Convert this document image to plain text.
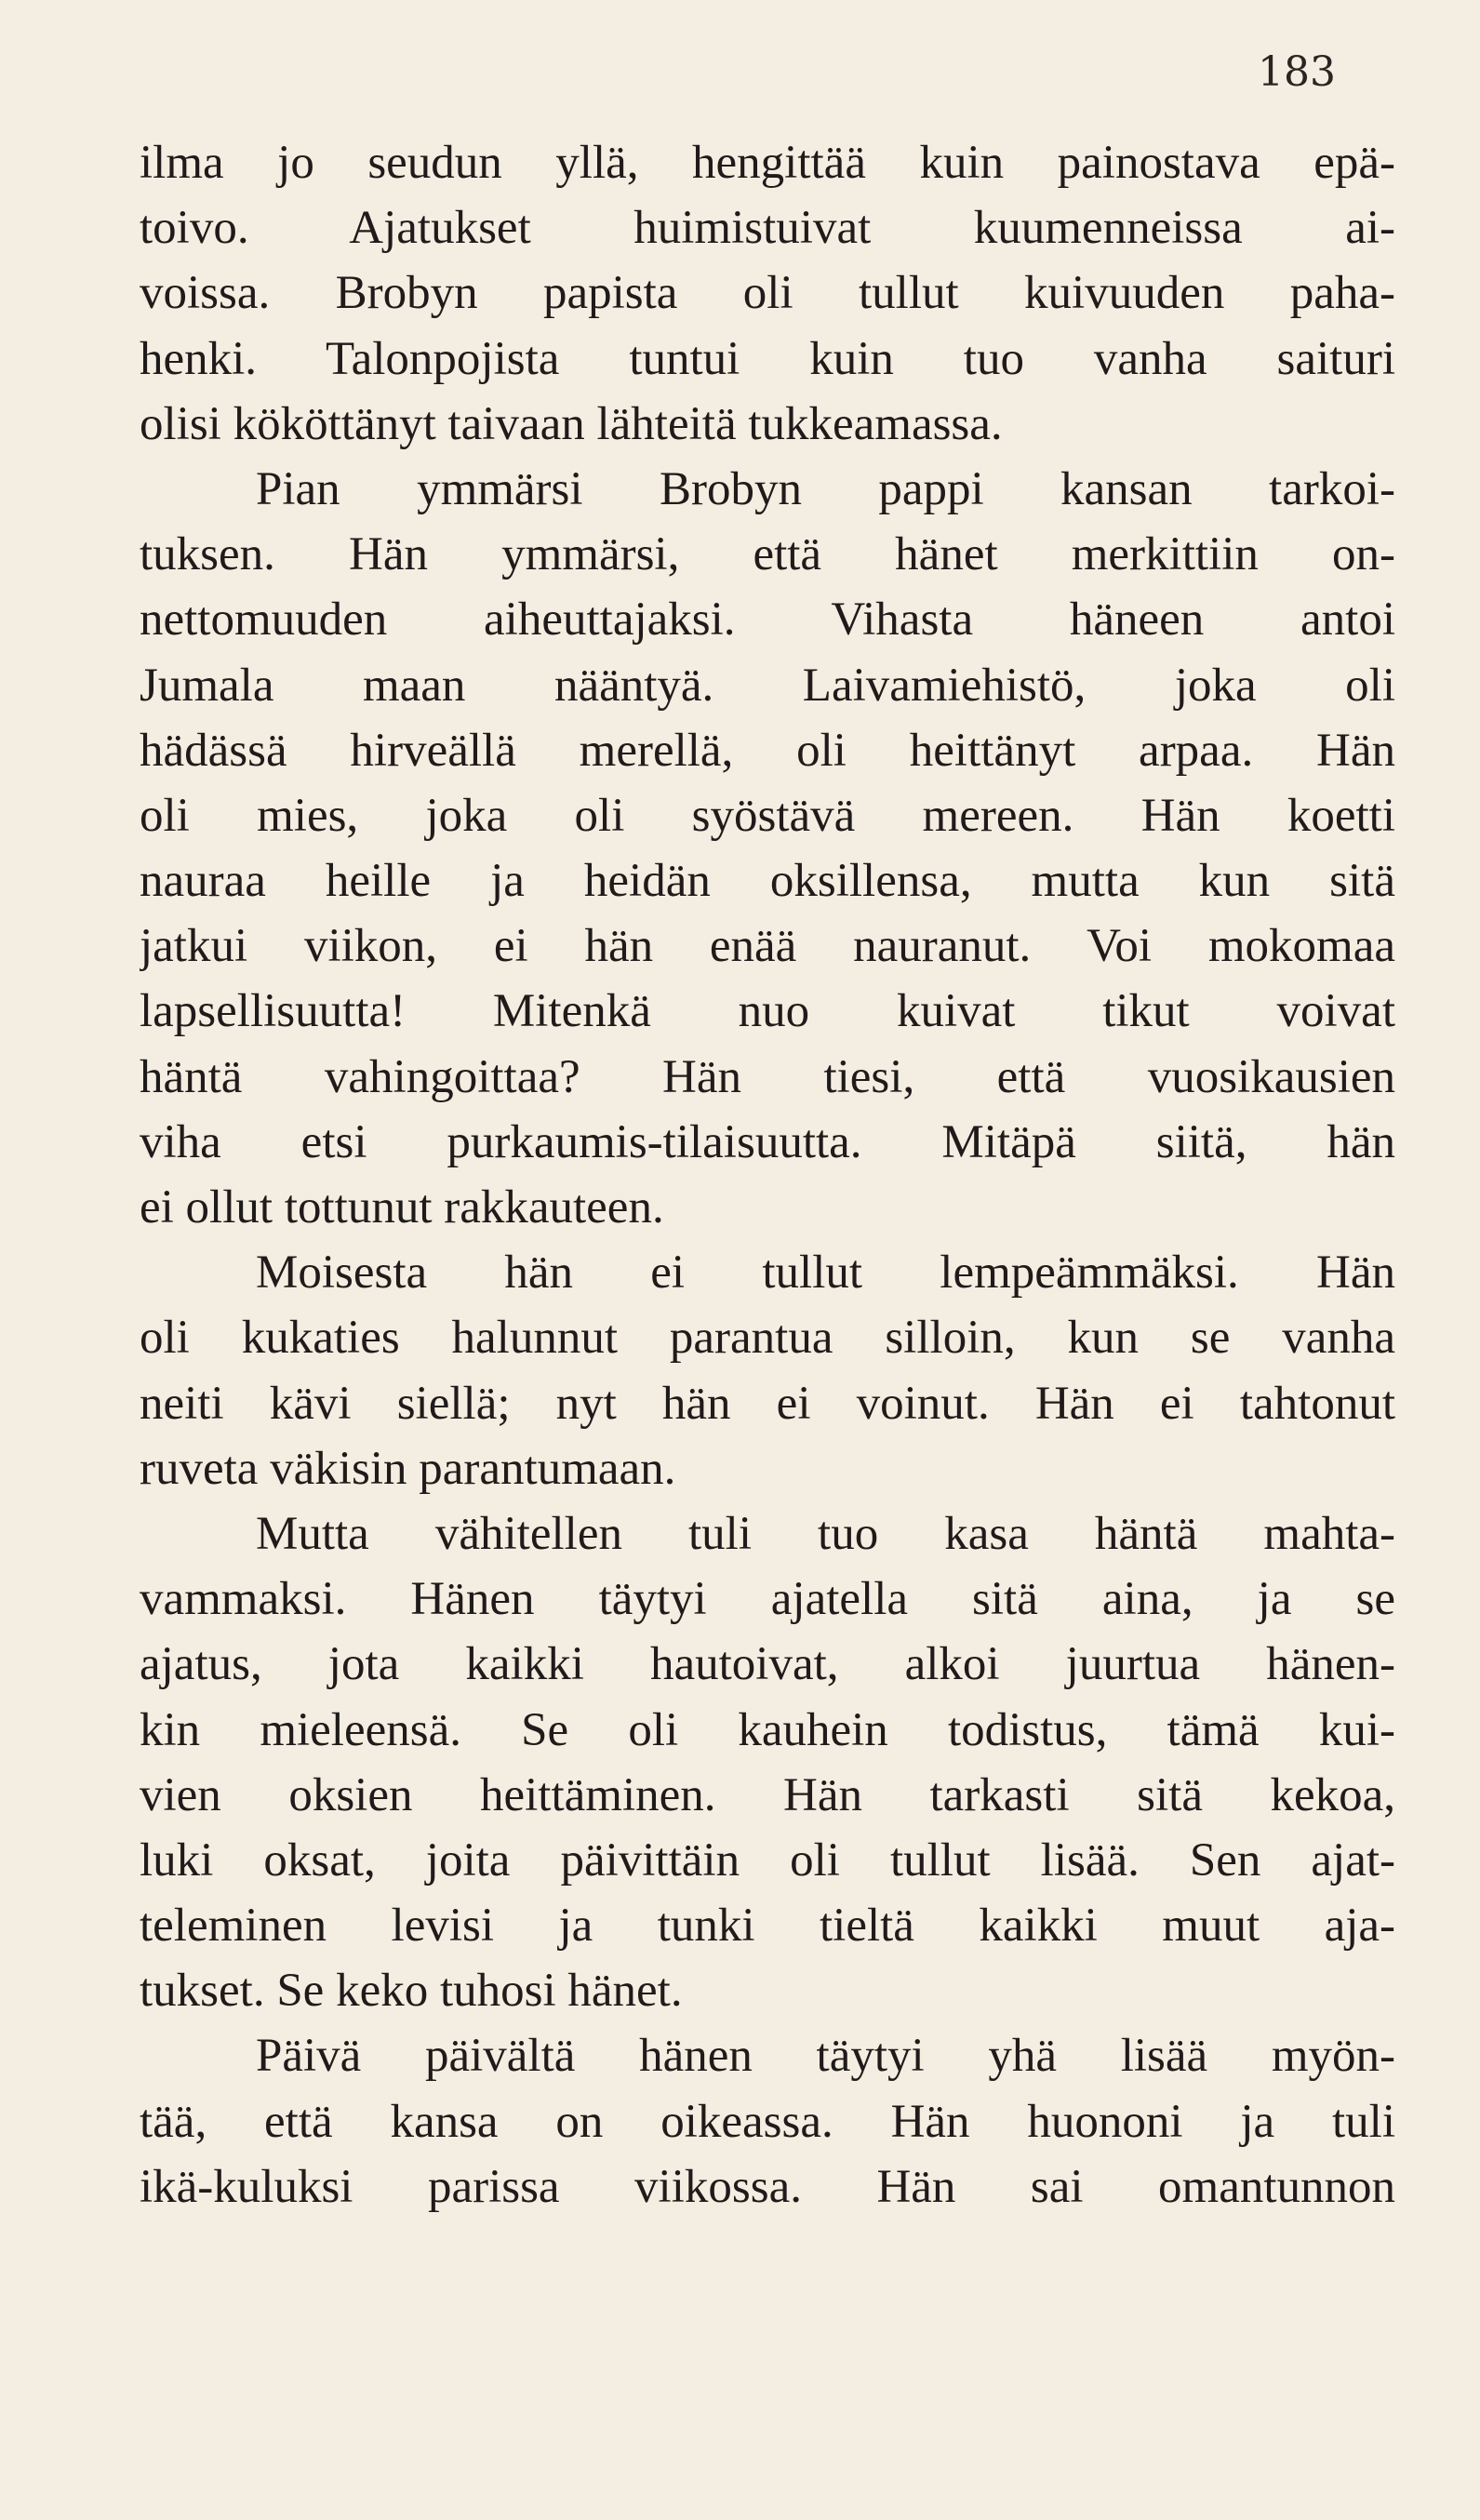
183
ilma jo seudun yllä, hengittää kuin painostava epä-
toivo. Ajatukset huimistuivat kuumenneissa ai-
voissa. Brobyn papista oli tullut kuivuuden paha-
henki. Talonpojista tuntui kuin tuo vanha saituri
olisi kököttänyt taivaan lähteitä tukkeamassa.
Pian ymmärsi Brobyn pappi kansan tarkoi-
tuksen. Hän ymmärsi, että hänet merkittiin on-
nettomuuden aiheuttajaksi. Vihasta häneen antoi
Jumala maan nääntyä. Laivamiehistö, joka oli
hädässä hirveällä merellä, oli heittänyt arpaa. Hän
oli mies, joka oli syöstävä mereen. Hän koetti
nauraa heille ja heidän oksillensa, mutta kun sitä
jatkui viikon, ei hän enää nauranut. Voi mokomaa
lapsellisuutta! Mitenkä nuo kuivat tikut voivat
häntä vahingoittaa? Hän tiesi, että vuosikausien
viha etsi purkaumis-tilaisuutta. Mitäpä siitä, hän
ei ollut tottunut rakkauteen.
Moisesta hän ei tullut lempeämmäksi. Hän
oli kukaties halunnut parantua silloin, kun se vanha
neiti kävi siellä; nyt hän ei voinut. Hän ei tahtonut
ruveta väkisin parantumaan.
Mutta vähitellen tuli tuo kasa häntä mahta-
vammaksi. Hänen täytyi ajatella sitä aina, ja se
ajatus, jota kaikki hautoivat, alkoi juurtua hänen-
kin mieleensä. Se oli kauhein todistus, tämä kui-
vien oksien heittäminen. Hän tarkasti sitä kekoa,
luki oksat, joita päivittäin oli tullut lisää. Sen ajat-
teleminen levisi ja tunki tieltä kaikki muut aja-
tukset. Se keko tuhosi hänet.
Päivä päivältä hänen täytyi yhä lisää myön-
tää, että kansa on oikeassa. Hän huononi ja tuli
ikä-kuluksi parissa viikossa. Hän sai omantunnon
